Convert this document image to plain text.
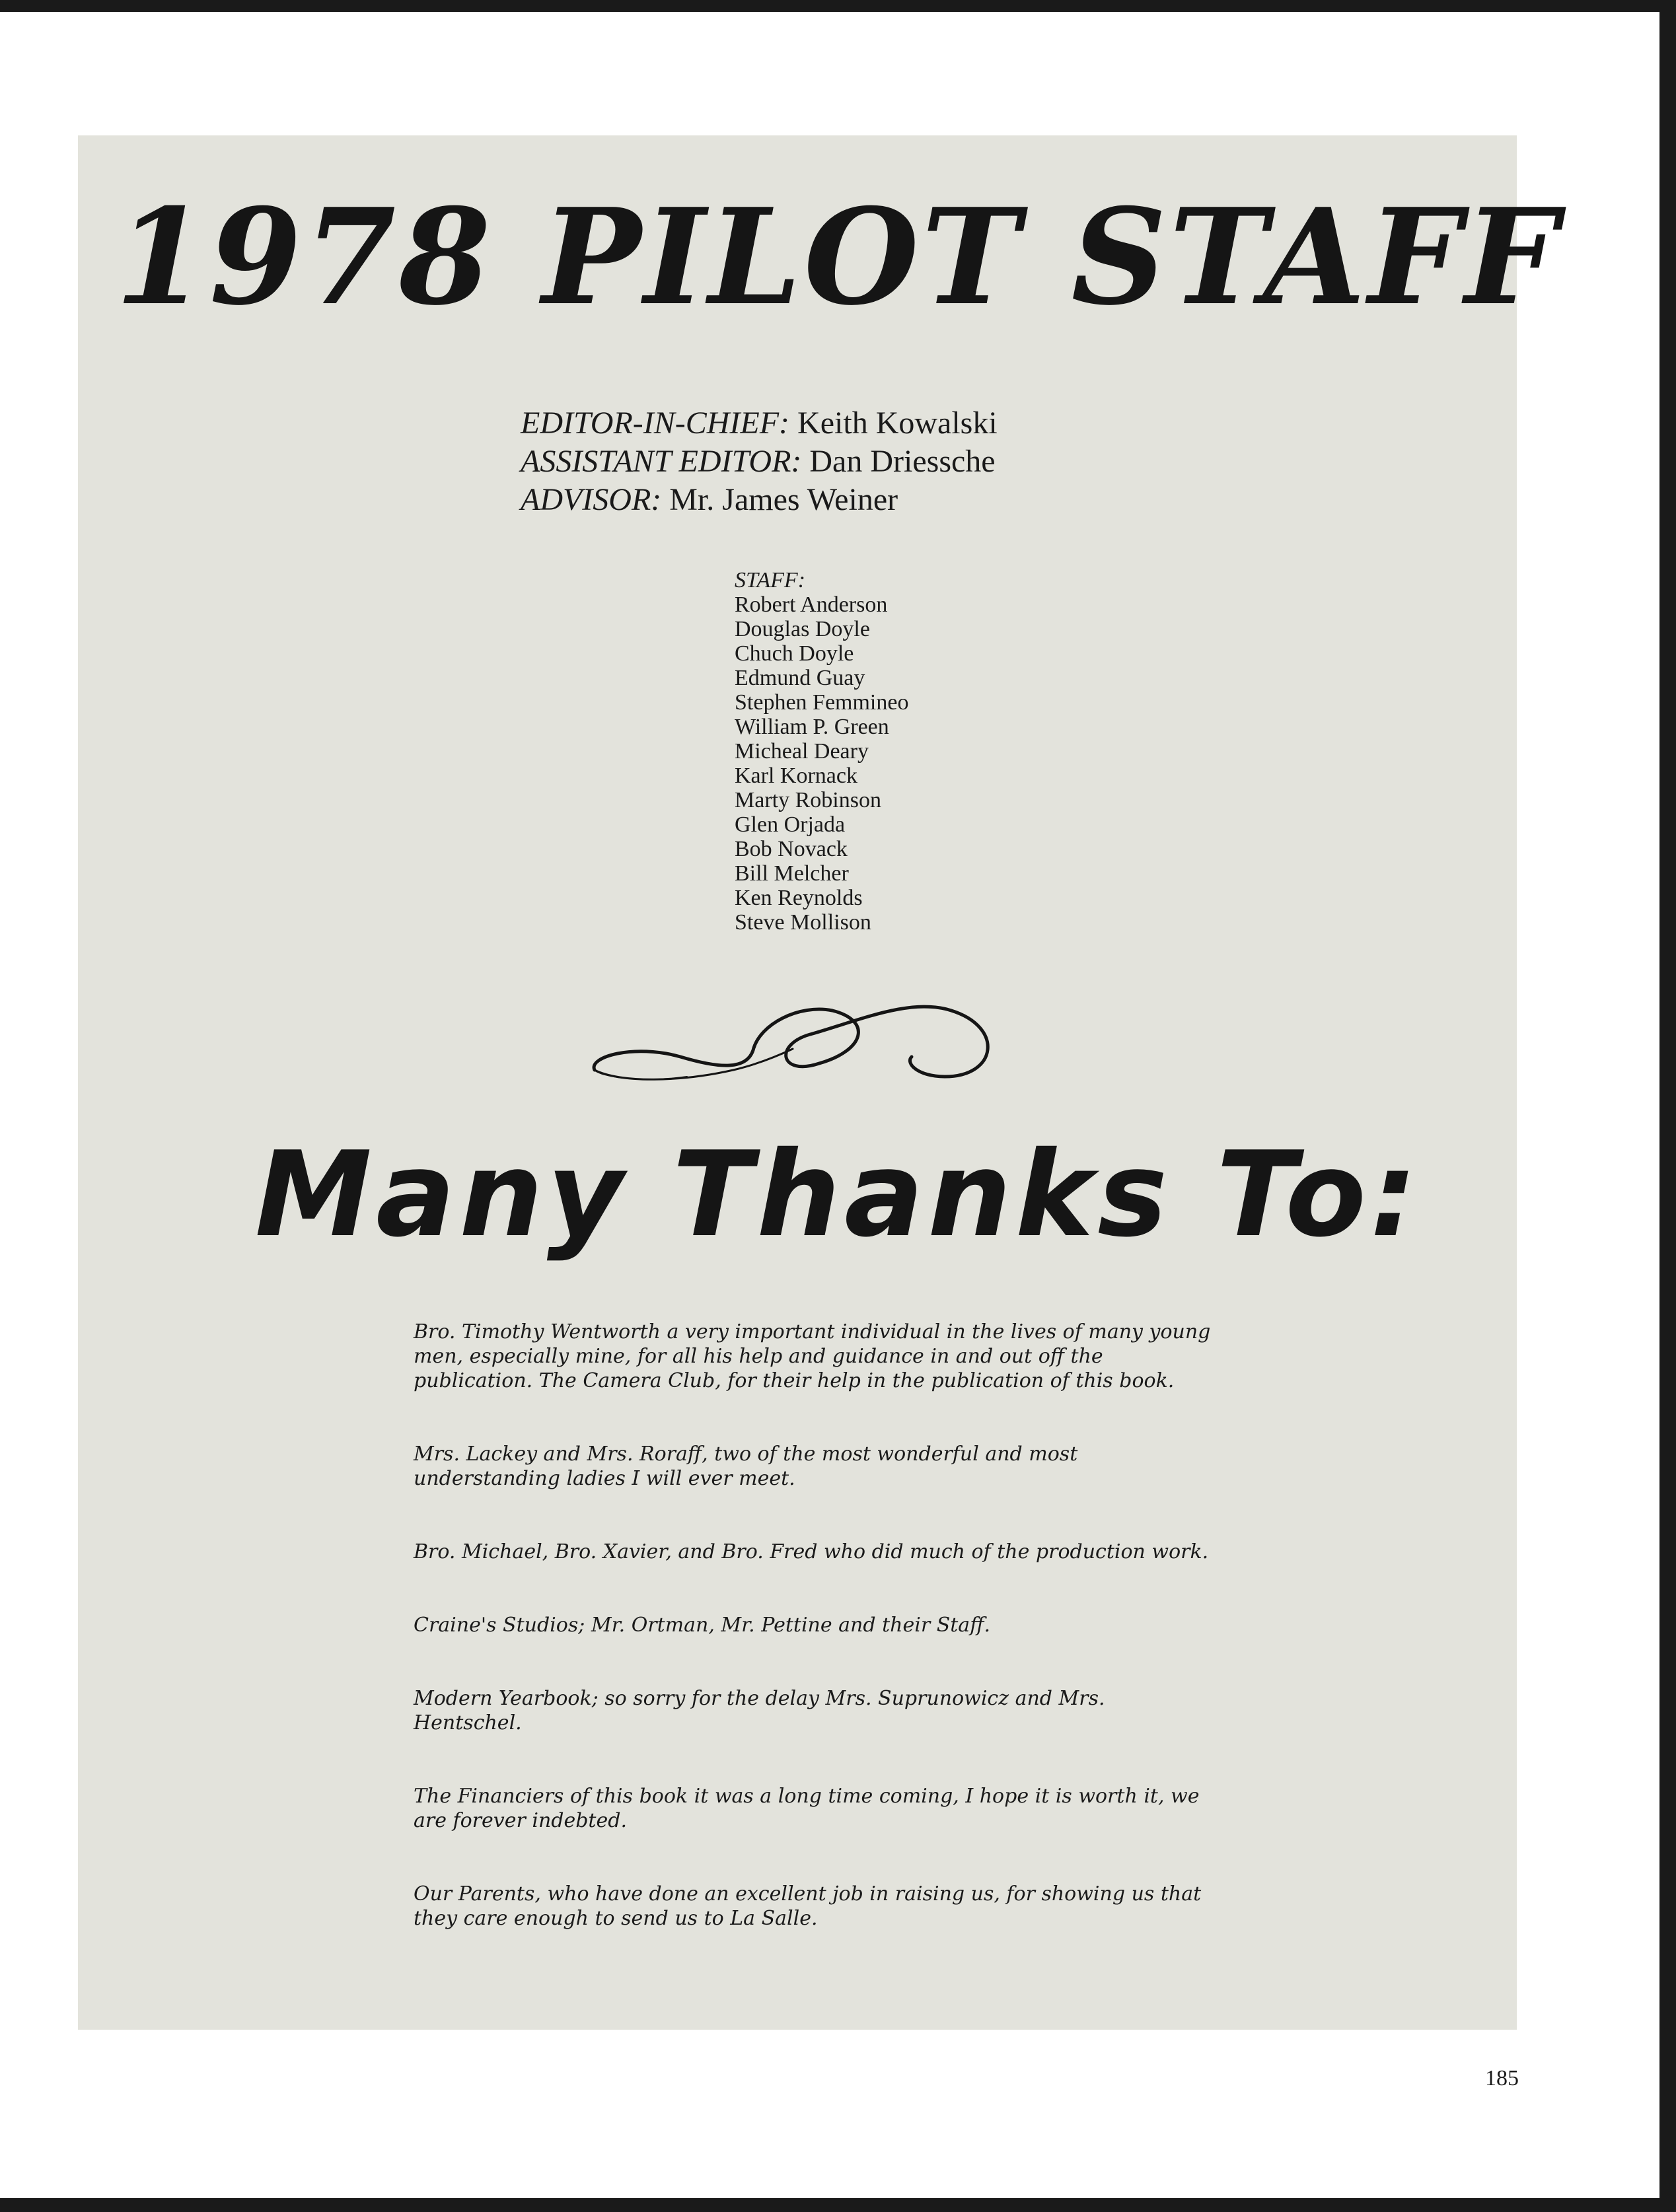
1978 PILOT STAFF
EDITOR-IN-CHIEF: Keith Kowalski
ASSISTANT EDITOR: Dan Driessche
ADVISOR: Mr. James Weiner
STAFF:
Robert Anderson
Douglas Doyle
Chuch Doyle
Edmund Guay
Stephen Femmineo
William P. Green
Micheal Deary
Karl Kornack
Marty Robinson
Glen Orjada
Bob Novack
Bill Melcher
Ken Reynolds
Steve Mollison
Many Thanks To:

Bro. Timothy Wentworth a very important individual in the lives of many young men, especially mine, for all his help and guidance in and out off the publication. The Camera Club, for their help in the publication of this book.

Mrs. Lackey and Mrs. Roraff, two of the most wonderful and most understanding ladies I will ever meet.

Bro. Michael, Bro. Xavier, and Bro. Fred who did much of the production work.

Craine's Studios; Mr. Ortman, Mr. Pettine and their Staff.

Modern Yearbook; so sorry for the delay Mrs. Suprunowicz and Mrs. Hentschel.

The Financiers of this book it was a long time coming, I hope it is worth it, we are forever indebted.

Our Parents, who have done an excellent job in raising us, for showing us that they care enough to send us to La Salle.

185
